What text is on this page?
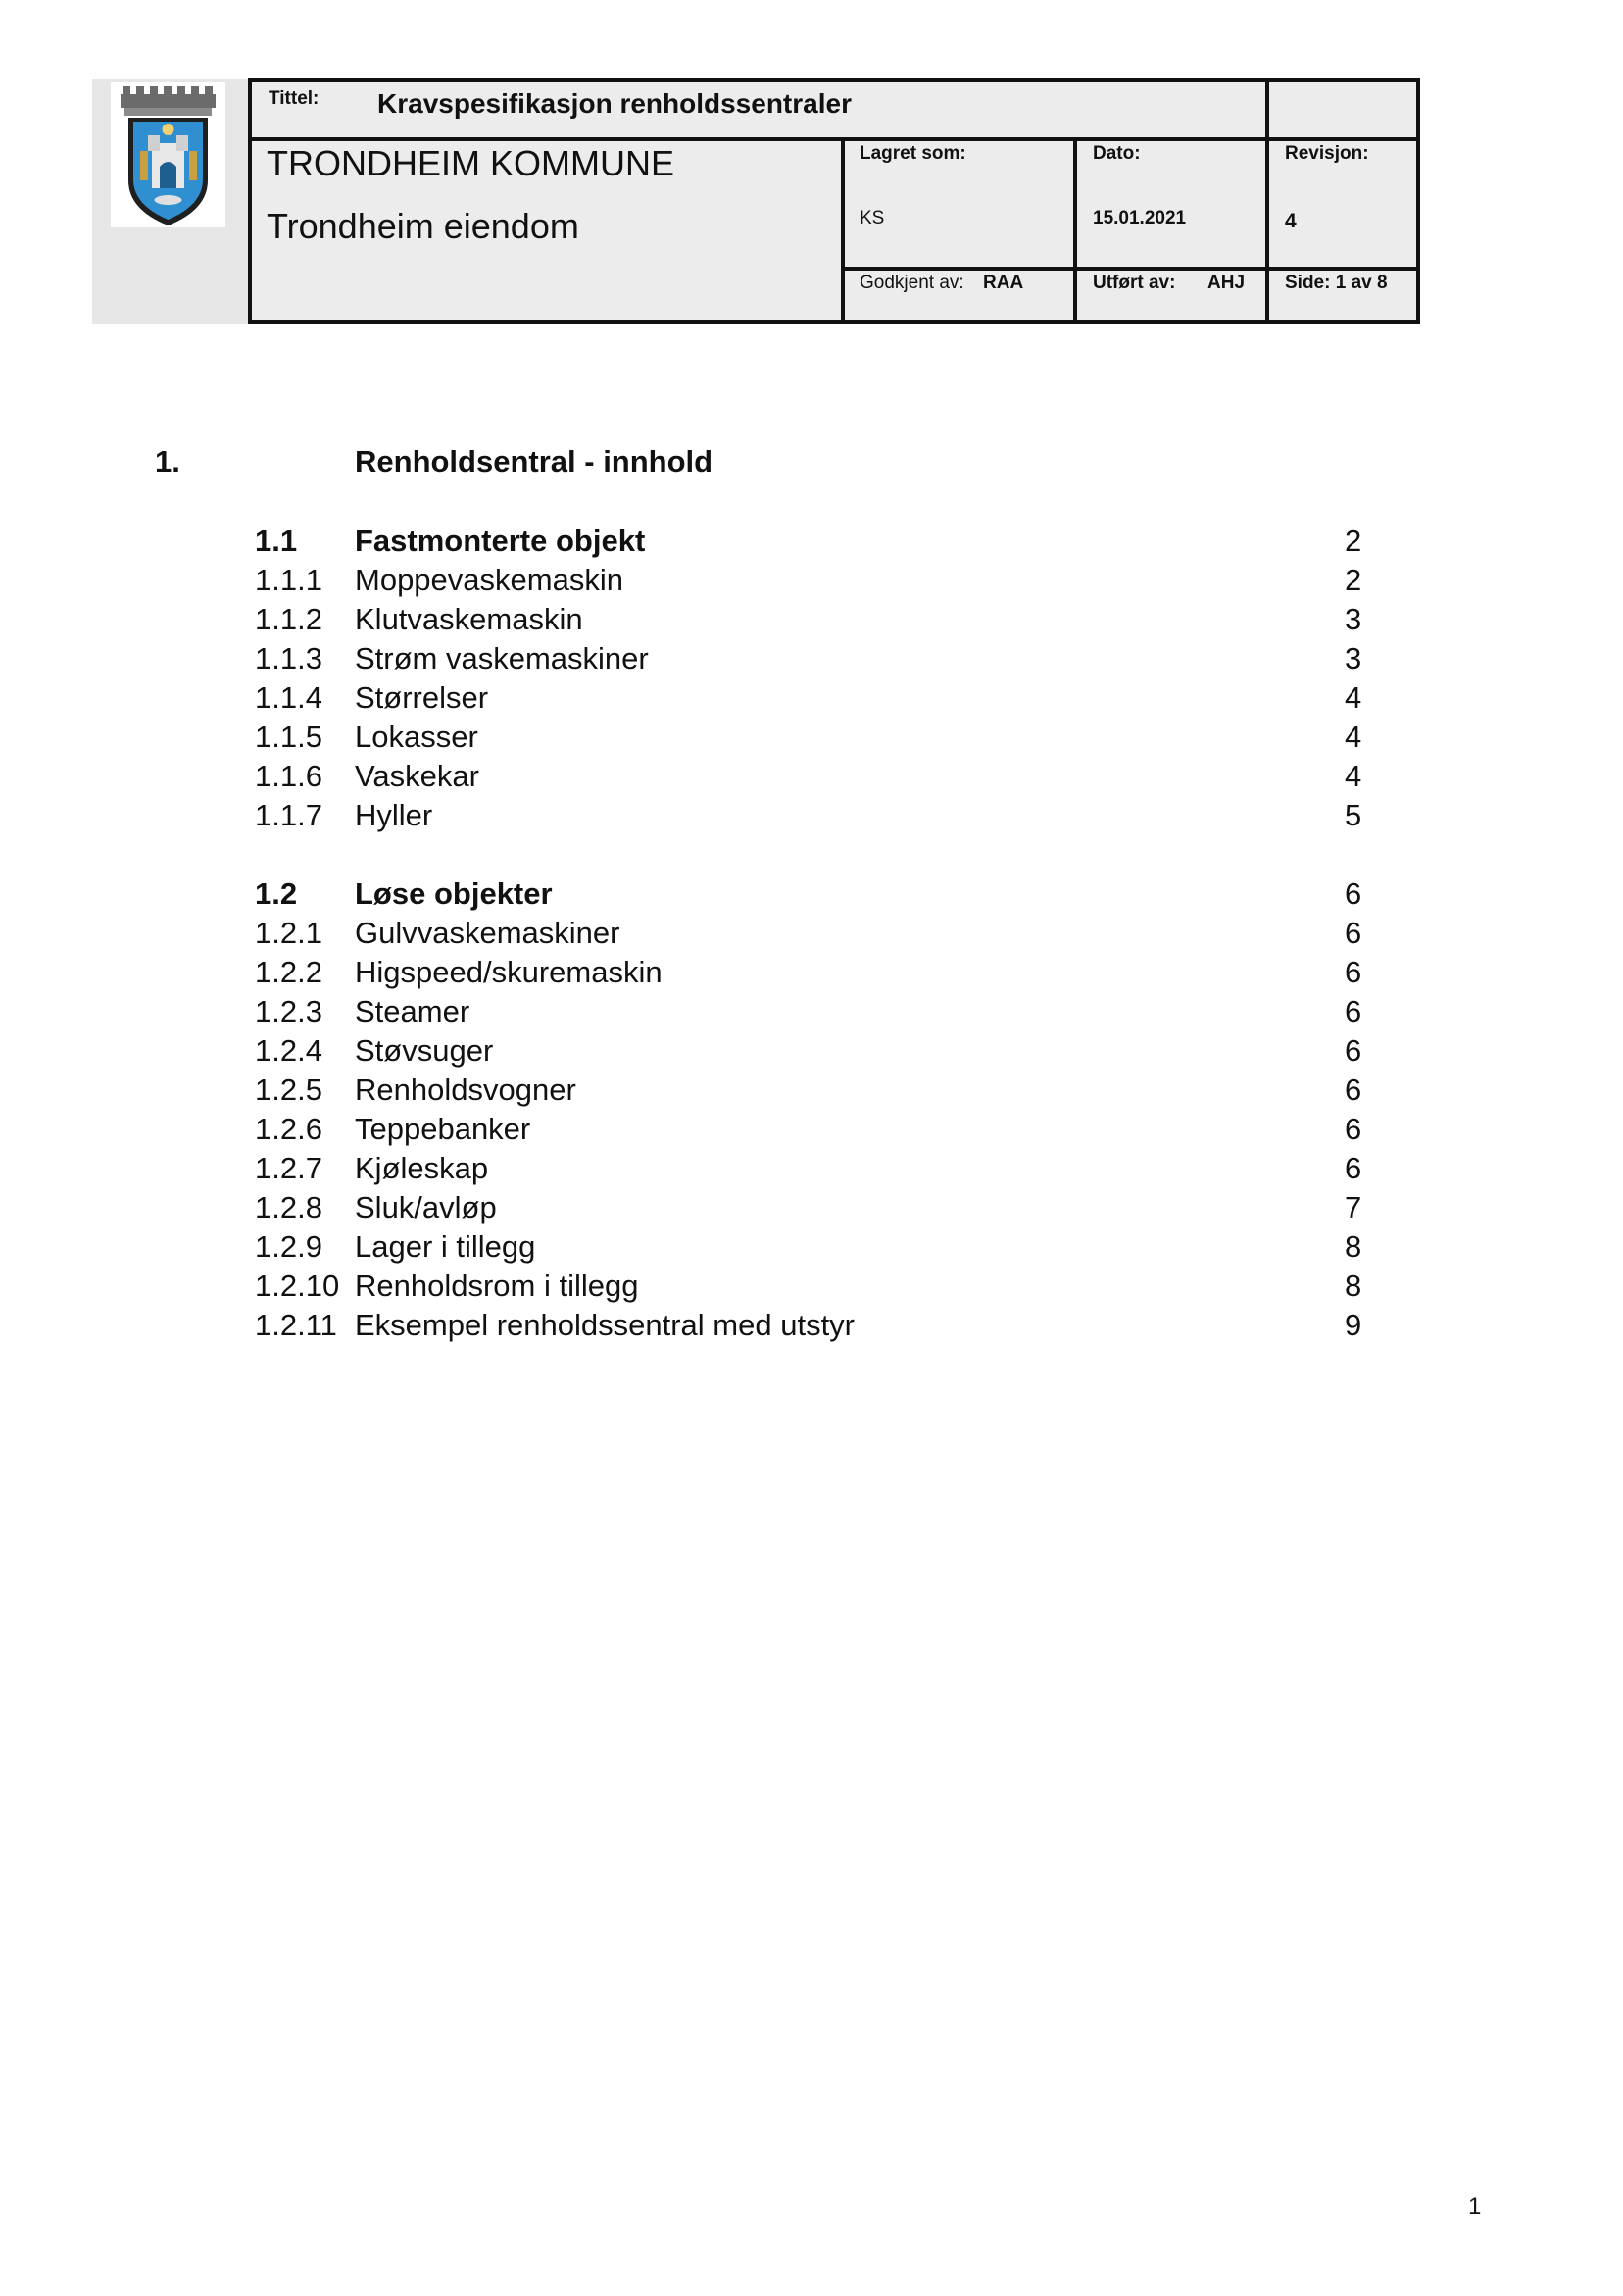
Tittel: Kravspesifikasjon renholdssentraler
TRONDHEIM KOMMUNE
Trondheim eiendom
Lagret som:
KS
Dato:
15.01.2021
Revisjon:
4
Godkjent av: RAA	Utført av: AHJ Side: 1 av 8
1.	Renholdsentral - innhold
1.1 Fastmonterte objekt	2
1.1.1 Moppevaskemaskin	2
1.1.2 Klutvaskemaskin	3
1.1.3 Strøm vaskemaskiner	3
1.1.4 Størrelser	4
1.1.5 Lokasser	4
1.1.6 Vaskekar	4
1.1.7 Hyller	5
1.2 Løse objekter	6
1.2.1 Gulvvaskemaskiner	6
1.2.2 Higspeed/skuremaskin	6
1.2.3 Steamer	6
1.2.4 Støvsuger	6
1.2.5 Renholdsvogner	6
1.2.6 Teppebanker	6
1.2.7 Kjøleskap	6
1.2.8 Sluk/avløp	7
1.2.9 Lager i tillegg	8
1.2.10 Renholdsrom i tillegg	8
1.2.11 Eksempel renholdssentral med utstyr	9
1
